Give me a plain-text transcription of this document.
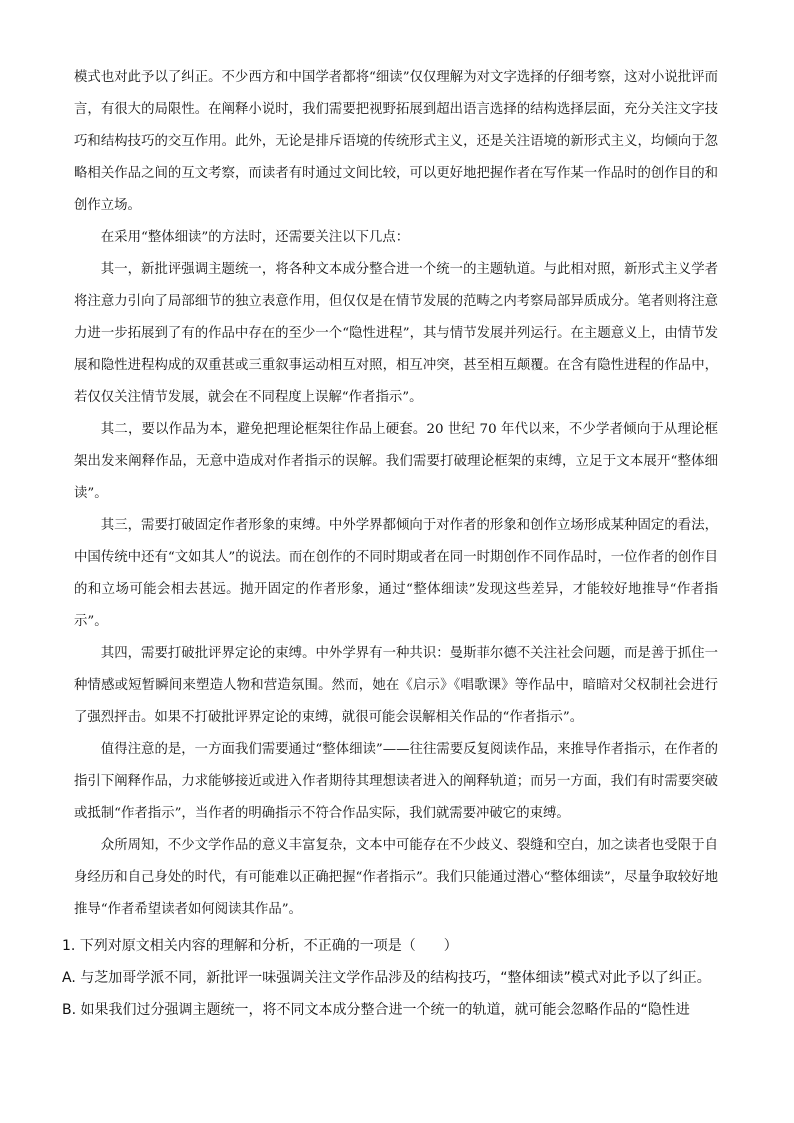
模式也对此予以了纠正。不少西方和中国学者都将“细读”仅仅理解为对文字选择的仔细考察，这对小说批评而言，有很大的局限性。在阐释小说时，我们需要把视野拓展到超出语言选择的结构选择层面，充分关注文字技巧和结构技巧的交互作用。此外，无论是排斥语境的传统形式主义，还是关注语境的新形式主义，均倾向于忽略相关作品之间的互文考察，而读者有时通过文间比较，可以更好地把握作者在写作某一作品时的创作目的和创作立场。

在采用“整体细读”的方法时，还需要关注以下几点：

其一，新批评强调主题统一，将各种文本成分整合进一个统一的主题轨道。与此相对照，新形式主义学者将注意力引向了局部细节的独立表意作用，但仅仅是在情节发展的范畴之内考察局部异质成分。笔者则将注意力进一步拓展到了有的作品中存在的至少一个“隐性进程”，其与情节发展并列运行。在主题意义上，由情节发展和隐性进程构成的双重甚或三重叙事运动相互对照，相互冲突，甚至相互颠覆。在含有隐性进程的作品中，若仅仅关注情节发展，就会在不同程度上误解“作者指示”。

其二，要以作品为本，避免把理论框架往作品上硬套。20 世纪 70 年代以来，不少学者倾向于从理论框架出发来阐释作品，无意中造成对作者指示的误解。我们需要打破理论框架的束缚，立足于文本展开“整体细读”。

其三，需要打破固定作者形象的束缚。中外学界都倾向于对作者的形象和创作立场形成某种固定的看法，中国传统中还有“文如其人”的说法。而在创作的不同时期或者在同一时期创作不同作品时，一位作者的创作目的和立场可能会相去甚远。抛开固定的作者形象，通过“整体细读”发现这些差异，才能较好地推导“作者指示”。

其四，需要打破批评界定论的束缚。中外学界有一种共识：曼斯菲尔德不关注社会问题，而是善于抓住一种情感或短暂瞬间来塑造人物和营造氛围。然而，她在《启示》《唱歌课》等作品中，暗暗对父权制社会进行了强烈抨击。如果不打破批评界定论的束缚，就很可能会误解相关作品的“作者指示”。

值得注意的是，一方面我们需要通过“整体细读”——往往需要反复阅读作品，来推导作者指示，在作者的指引下阐释作品，力求能够接近或进入作者期待其理想读者进入的阐释轨道；而另一方面，我们有时需要突破或抵制“作者指示”，当作者的明确指示不符合作品实际，我们就需要冲破它的束缚。

众所周知，不少文学作品的意义丰富复杂，文本中可能存在不少歧义、裂缝和空白，加之读者也受限于自身经历和自己身处的时代，有可能难以正确把握“作者指示”。我们只能通过潜心“整体细读”，尽量争取较好地推导“作者希望读者如何阅读其作品”。

1. 下列对原文相关内容的理解和分析，不正确的一项是（　　）

A. 与芝加哥学派不同，新批评一味强调关注文学作品涉及的结构技巧，“整体细读”模式对此予以了纠正。

B. 如果我们过分强调主题统一，将不同文本成分整合进一个统一的轨道，就可能会忽略作品的“隐性进
